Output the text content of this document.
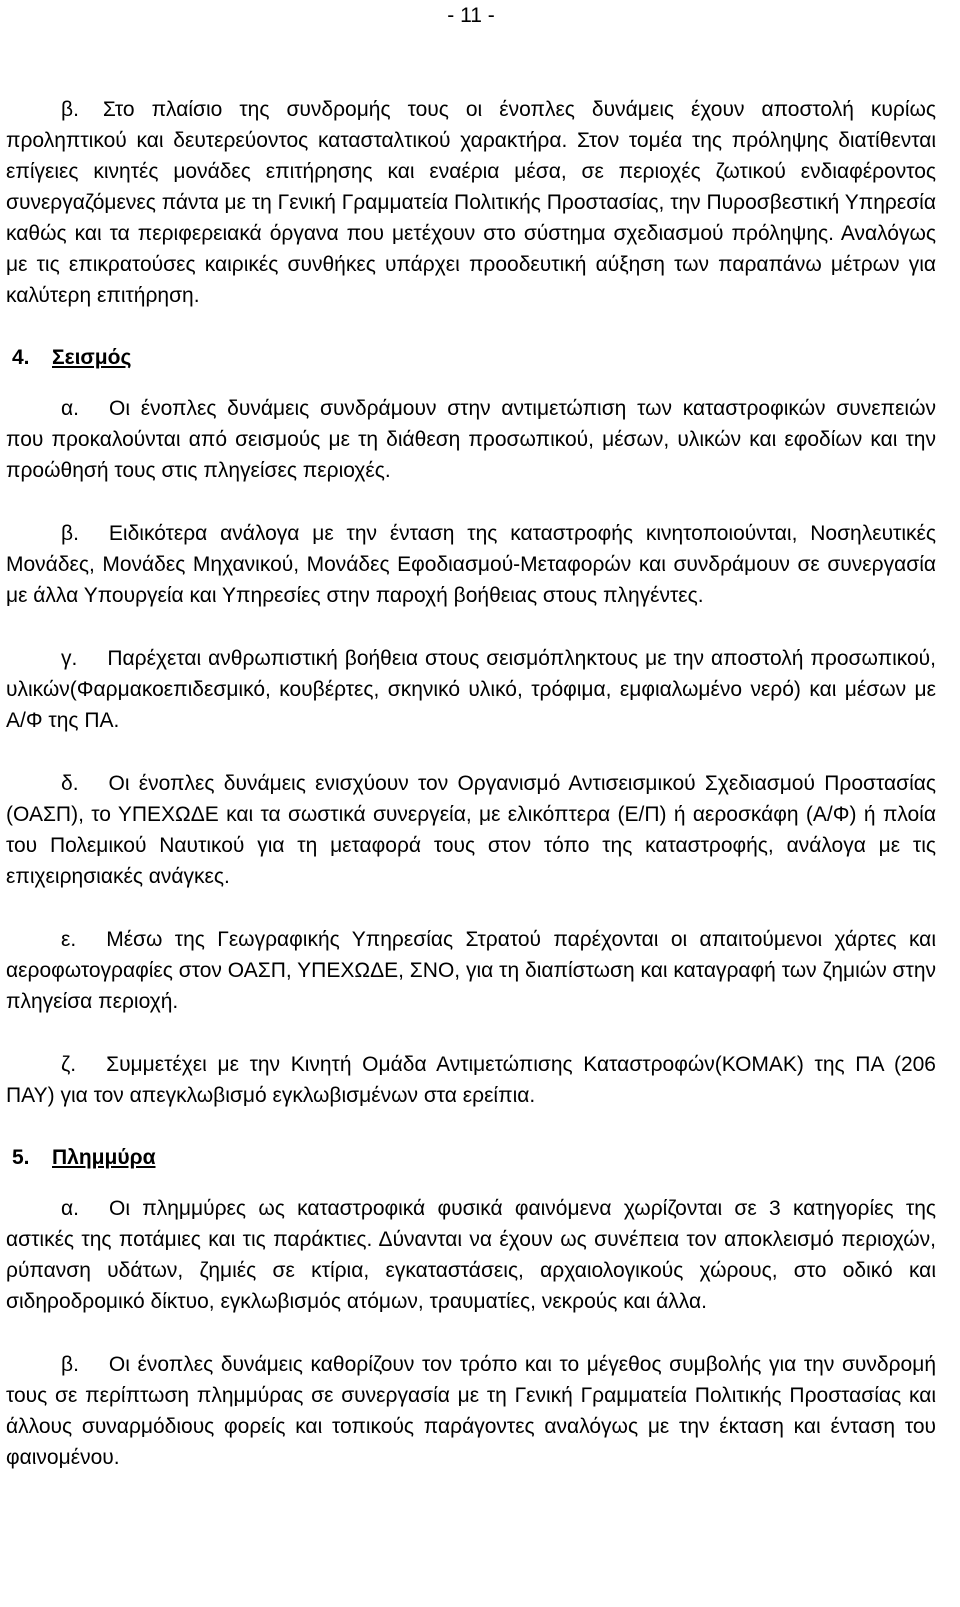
- 11 -

β. Στο πλαίσιο της συνδρομής τους οι ένοπλες δυνάμεις έχουν αποστολή κυρίως προληπτικού και δευτερεύοντος κατασταλτικού χαρακτήρα. Στον τομέα της πρόληψης διατίθενται επίγειες κινητές μονάδες επιτήρησης και εναέρια μέσα, σε περιοχές ζωτικού ενδιαφέροντος συνεργαζόμενες πάντα με τη Γενική Γραμματεία Πολιτικής Προστασίας, την Πυροσβεστική Υπηρεσία καθώς και τα περιφερειακά όργανα που μετέχουν στο σύστημα σχεδιασμού πρόληψης. Αναλόγως με τις επικρατούσες καιρικές συνθήκες υπάρχει προοδευτική αύξηση των παραπάνω μέτρων για καλύτερη επιτήρηση.

4. Σεισμός

α. Οι ένοπλες δυνάμεις συνδράμουν στην αντιμετώπιση των καταστροφικών συνεπειών που προκαλούνται από σεισμούς με τη διάθεση προσωπικού, μέσων, υλικών και εφοδίων και την προώθησή τους στις πληγείσες περιοχές.

β. Ειδικότερα ανάλογα με την ένταση της καταστροφής κινητοποιούνται, Νοσηλευτικές Μονάδες, Μονάδες Μηχανικού, Μονάδες Εφοδιασμού-Μεταφορών και συνδράμουν σε συνεργασία με άλλα Υπουργεία και Υπηρεσίες στην παροχή βοήθειας στους πληγέντες.

γ. Παρέχεται ανθρωπιστική βοήθεια στους σεισμόπληκτους με την αποστολή προσωπικού, υλικών(Φαρμακοεπιδεσμικό, κουβέρτες, σκηνικό υλικό, τρόφιμα, εμφιαλωμένο νερό) και μέσων με Α/Φ της ΠΑ.

δ. Οι ένοπλες δυνάμεις ενισχύουν τον Οργανισμό Αντισεισμικού Σχεδιασμού Προστασίας (ΟΑΣΠ), το ΥΠΕΧΩΔΕ και τα σωστικά συνεργεία, με ελικόπτερα (Ε/Π) ή αεροσκάφη (Α/Φ) ή πλοία του Πολεμικού Ναυτικού για τη μεταφορά τους στον τόπο της καταστροφής, ανάλογα με τις επιχειρησιακές ανάγκες.

ε. Μέσω της Γεωγραφικής Υπηρεσίας Στρατού παρέχονται οι απαιτούμενοι χάρτες και αεροφωτογραφίες στον ΟΑΣΠ, ΥΠΕΧΩΔΕ, ΣΝΟ, για τη διαπίστωση και καταγραφή των ζημιών στην πληγείσα περιοχή.

ζ. Συμμετέχει με την Κινητή Ομάδα Αντιμετώπισης Καταστροφών(ΚΟΜΑΚ) της ΠΑ (206 ΠΑΥ) για τον απεγκλωβισμό εγκλωβισμένων στα ερείπια.

5. Πλημμύρα

α. Οι πλημμύρες ως καταστροφικά φυσικά φαινόμενα χωρίζονται σε 3 κατηγορίες της αστικές της ποτάμιες και τις παράκτιες. Δύνανται να έχουν ως συνέπεια τον αποκλεισμό περιοχών, ρύπανση υδάτων, ζημιές σε κτίρια, εγκαταστάσεις, αρχαιολογικούς χώρους, στο οδικό και σιδηροδρομικό δίκτυο, εγκλωβισμός ατόμων, τραυματίες, νεκρούς και άλλα.

β. Οι ένοπλες δυνάμεις καθορίζουν τον τρόπο και το μέγεθος συμβολής για την συνδρομή τους σε περίπτωση πλημμύρας σε συνεργασία με τη Γενική Γραμματεία Πολιτικής Προστασίας και άλλους συναρμόδιους φορείς και τοπικούς παράγοντες αναλόγως με την έκταση και ένταση του φαινομένου.
